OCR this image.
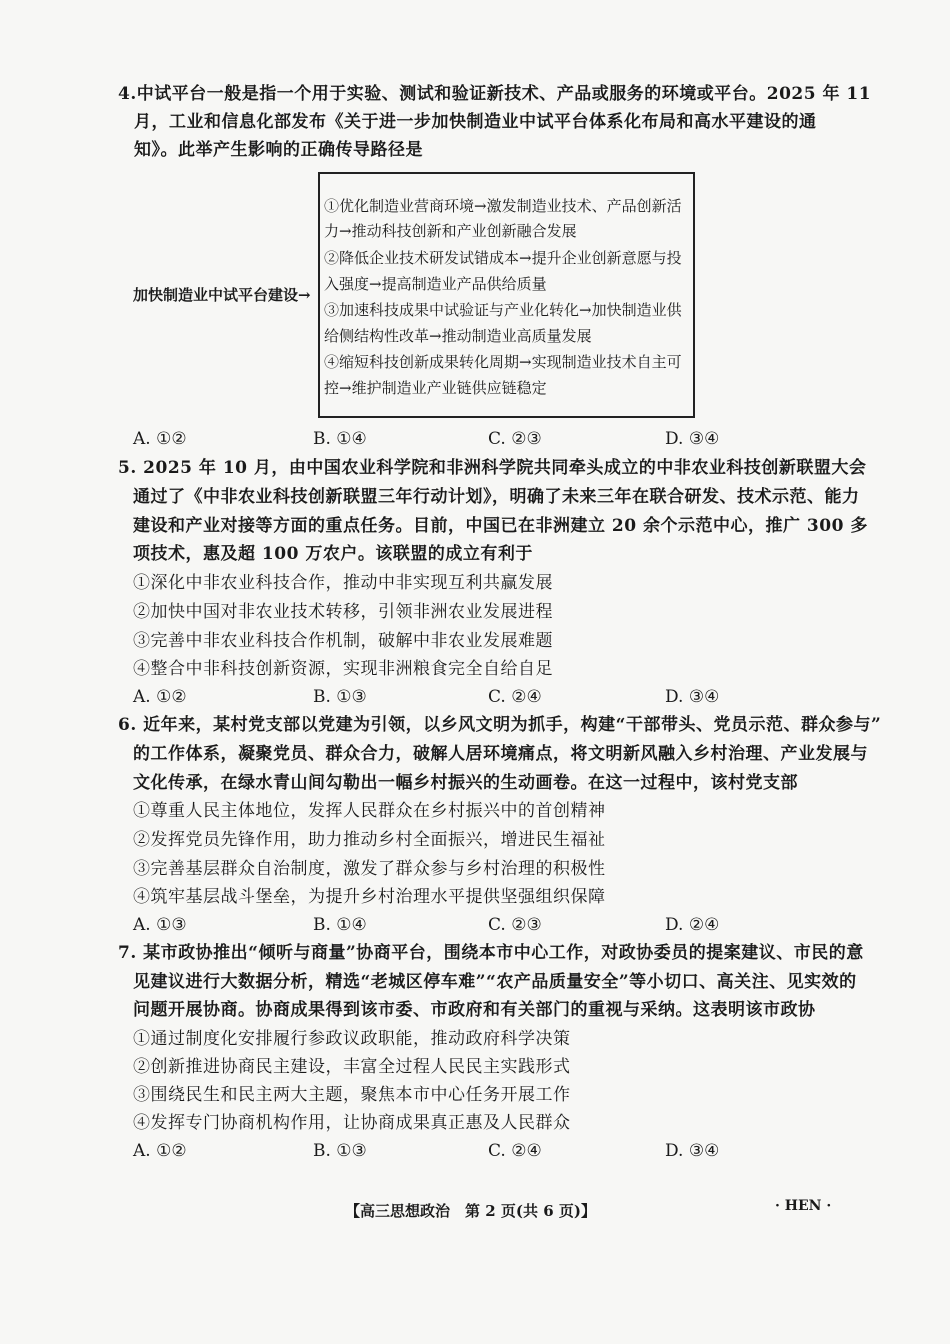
4.中试平台一般是指一个用于实验、测试和验证新技术、产品或服务的环境或平台。2025 年 11
月，工业和信息化部发布《关于进一步加快制造业中试平台体系化布局和高水平建设的通
知》。此举产生影响的正确传导路径是
加快制造业中试平台建设→
①优化制造业营商环境→激发制造业技术、产品创新活
力→推动科技创新和产业创新融合发展
②降低企业技术研发试错成本→提升企业创新意愿与投
入强度→提高制造业产品供给质量
③加速科技成果中试验证与产业化转化→加快制造业供
给侧结构性改革→推动制造业高质量发展
④缩短科技创新成果转化周期→实现制造业技术自主可
控→维护制造业产业链供应链稳定
A. ①②	B. ①④	C. ②③	D. ③④
5. 2025 年 10 月，由中国农业科学院和非洲科学院共同牵头成立的中非农业科技创新联盟大会
通过了《中非农业科技创新联盟三年行动计划》，明确了未来三年在联合研发、技术示范、能力
建设和产业对接等方面的重点任务。目前，中国已在非洲建立 20 余个示范中心，推广 300 多
项技术，惠及超 100 万农户。该联盟的成立有利于
①深化中非农业科技合作，推动中非实现互利共赢发展
②加快中国对非农业技术转移，引领非洲农业发展进程
③完善中非农业科技合作机制，破解中非农业发展难题
④整合中非科技创新资源，实现非洲粮食完全自给自足
A. ①②	B. ①③	C. ②④	D. ③④
6. 近年来，某村党支部以党建为引领，以乡风文明为抓手，构建“干部带头、党员示范、群众参与”
的工作体系，凝聚党员、群众合力，破解人居环境痛点，将文明新风融入乡村治理、产业发展与
文化传承，在绿水青山间勾勒出一幅乡村振兴的生动画卷。在这一过程中，该村党支部
①尊重人民主体地位，发挥人民群众在乡村振兴中的首创精神
②发挥党员先锋作用，助力推动乡村全面振兴，增进民生福祉
③完善基层群众自治制度，激发了群众参与乡村治理的积极性
④筑牢基层战斗堡垒，为提升乡村治理水平提供坚强组织保障
A. ①③	B. ①④	C. ②③	D. ②④
7. 某市政协推出“倾听与商量”协商平台，围绕本市中心工作，对政协委员的提案建议、市民的意
见建议进行大数据分析，精选“老城区停车难”“农产品质量安全”等小切口、高关注、见实效的
问题开展协商。协商成果得到该市委、市政府和有关部门的重视与采纳。这表明该市政协
①通过制度化安排履行参政议政职能，推动政府科学决策
②创新推进协商民主建设，丰富全过程人民民主实践形式
③围绕民生和民主两大主题，聚焦本市中心任务开展工作
④发挥专门协商机构作用，让协商成果真正惠及人民群众
A. ①②	B. ①③	C. ②④	D. ③④
【高三思想政治　第 2 页(共 6 页)】	· HEN ·
